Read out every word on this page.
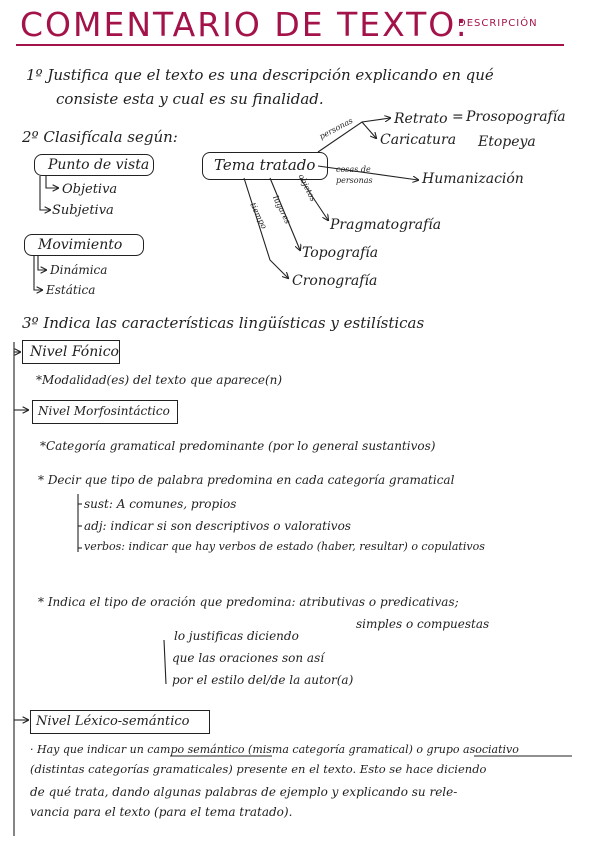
COMENTARIO DE TEXTO:
DESCRIPCIÓN
1º Justifica que el texto es una descripción explicando en qué
consiste esta y cual es su finalidad.
2º Clasifícala según:
Punto de vista
Objetiva
Subjetiva
Movimiento
Dinámica
Estática
Tema tratado
personas	Retrato = Prosopografía
Caricatura Etopeya
cosas de
personas	Humanización
objetos
Pragmatografía
lugares
Topografía
tiempo
Cronografía
3º Indica las características lingüísticas y estilísticas
Nivel Fónico
*Modalidad(es) del texto que aparece(n)
Nivel Morfosintáctico
*Categoría gramatical predominante (por lo general sustantivos)
* Decir que tipo de palabra predomina en cada categoría gramatical
sust: A comunes, propios
adj: indicar si son descriptivos o valorativos
verbos: indicar que hay verbos de estado (haber, resultar) o copulativos
* Indica el tipo de oración que predomina: atributivas o predicativas;
simples o compuestas
lo justificas diciendo
que las oraciones son así
por el estilo del/de la autor(a)
Nivel Léxico-semántico
· Hay que indicar un campo semántico (misma categoría gramatical) o grupo asociativo
(distintas categorías gramaticales) presente en el texto. Esto se hace diciendo
de qué trata, dando algunas palabras de ejemplo y explicando su rele-
vancia para el texto (para el tema tratado).
